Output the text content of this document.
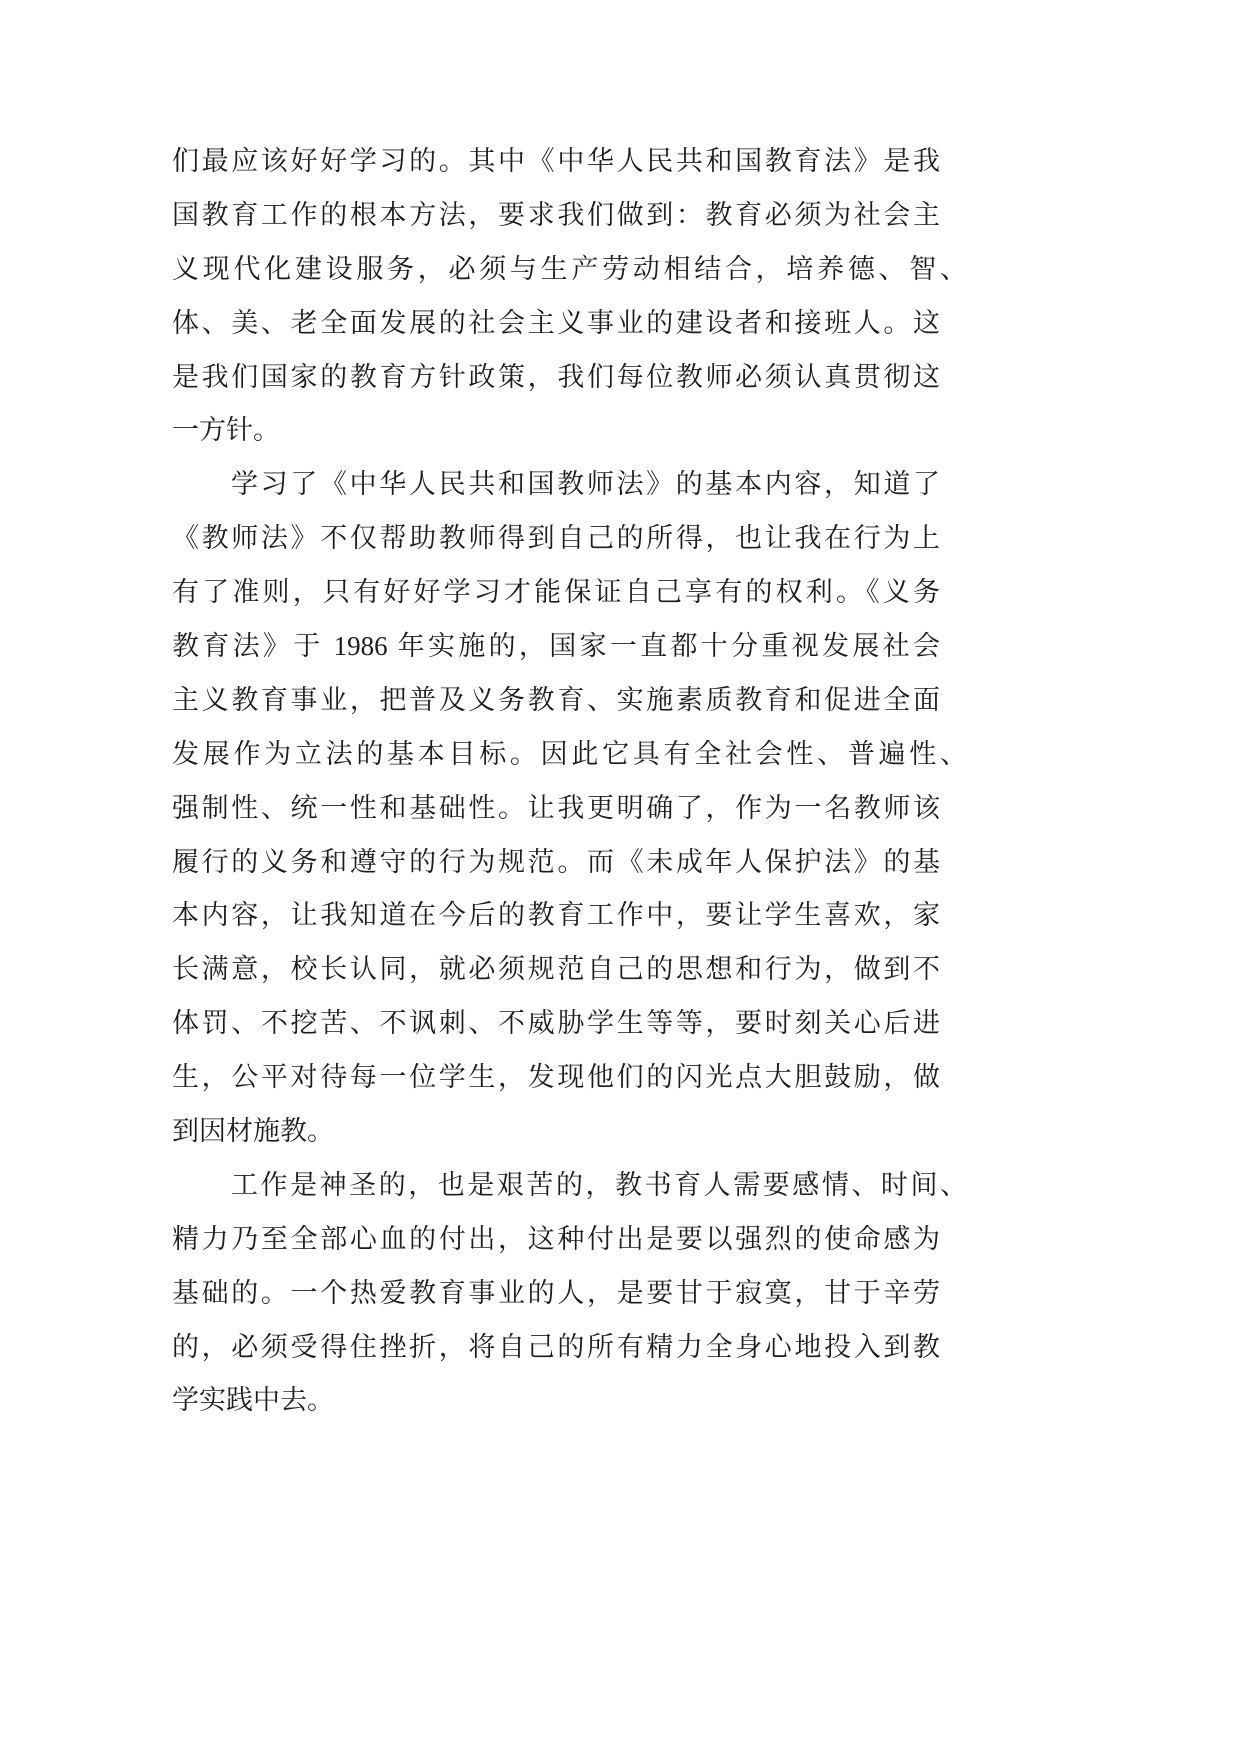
们最应该好好学习的。其中《中华人民共和国教育法》是我
国教育工作的根本方法，要求我们做到：教育必须为社会主
义现代化建设服务，必须与生产劳动相结合，培养德、智、
体、美、老全面发展的社会主义事业的建设者和接班人。这
是我们国家的教育方针政策，我们每位教师必须认真贯彻这
一方针。
学习了《中华人民共和国教师法》的基本内容，知道了
《教师法》不仅帮助教师得到自己的所得，也让我在行为上
有了准则，只有好好学习才能保证自己享有的权利。《义务
教育法》于 1986 年实施的，国家一直都十分重视发展社会
主义教育事业，把普及义务教育、实施素质教育和促进全面
发展作为立法的基本目标。因此它具有全社会性、普遍性、
强制性、统一性和基础性。让我更明确了，作为一名教师该
履行的义务和遵守的行为规范。而《未成年人保护法》的基
本内容，让我知道在今后的教育工作中，要让学生喜欢，家
长满意，校长认同，就必须规范自己的思想和行为，做到不
体罚、不挖苦、不讽刺、不威胁学生等等，要时刻关心后进
生，公平对待每一位学生，发现他们的闪光点大胆鼓励，做
到因材施教。
工作是神圣的，也是艰苦的，教书育人需要感情、时间、
精力乃至全部心血的付出，这种付出是要以强烈的使命感为
基础的。一个热爱教育事业的人，是要甘于寂寞，甘于辛劳
的，必须受得住挫折，将自己的所有精力全身心地投入到教
学实践中去。
